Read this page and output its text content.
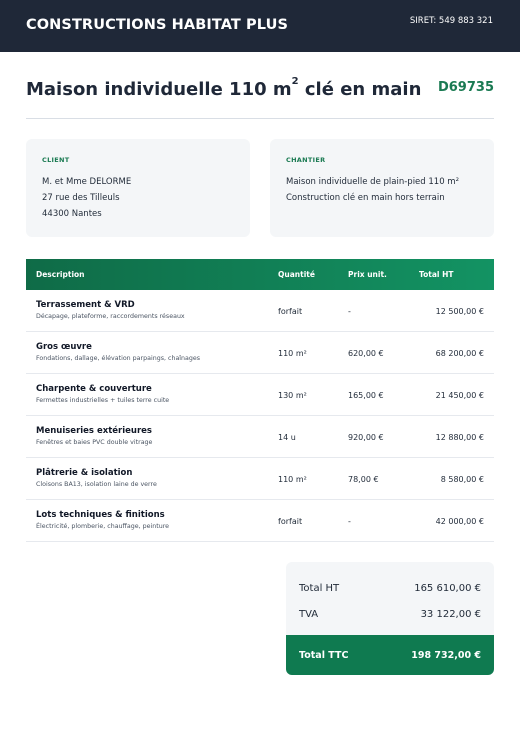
CONSTRUCTIONS HABITAT PLUS	SIRET: 549 883 321
Maison individuelle 110 $m^2$ clé en main D69735
CLIENT
M. et Mme DELORME
27 rue des Tilleuls
44300 Nantes
CHANTIER
Maison individuelle de plain-pied 110 m²
Construction clé en main hors terrain
Description	Quantité	Prix unit.	Total HT
Terrassement & VRD
Décapage, plateforme, raccordements réseaux
forfait	-	12 500,00 €
Gros œuvre
Fondations, dallage, élévation parpaings, chaînages
110 m²	620,00 €	68 200,00 €
Charpente & couverture
Fermettes industrielles + tuiles terre cuite
130 m²	165,00 €	21 450,00 €
Menuiseries extérieures
Fenêtres et baies PVC double vitrage
14 u	920,00 €	12 880,00 €
Plâtrerie & isolation
Cloisons BA13, isolation laine de verre
110 m²	78,00 €	8 580,00 €
Lots techniques & finitions
Électricité, plomberie, chauffage, peinture
forfait	-	42 000,00 €
Total HT	165 610,00 €
TVA	33 122,00 €
Total TTC	198 732,00 €
